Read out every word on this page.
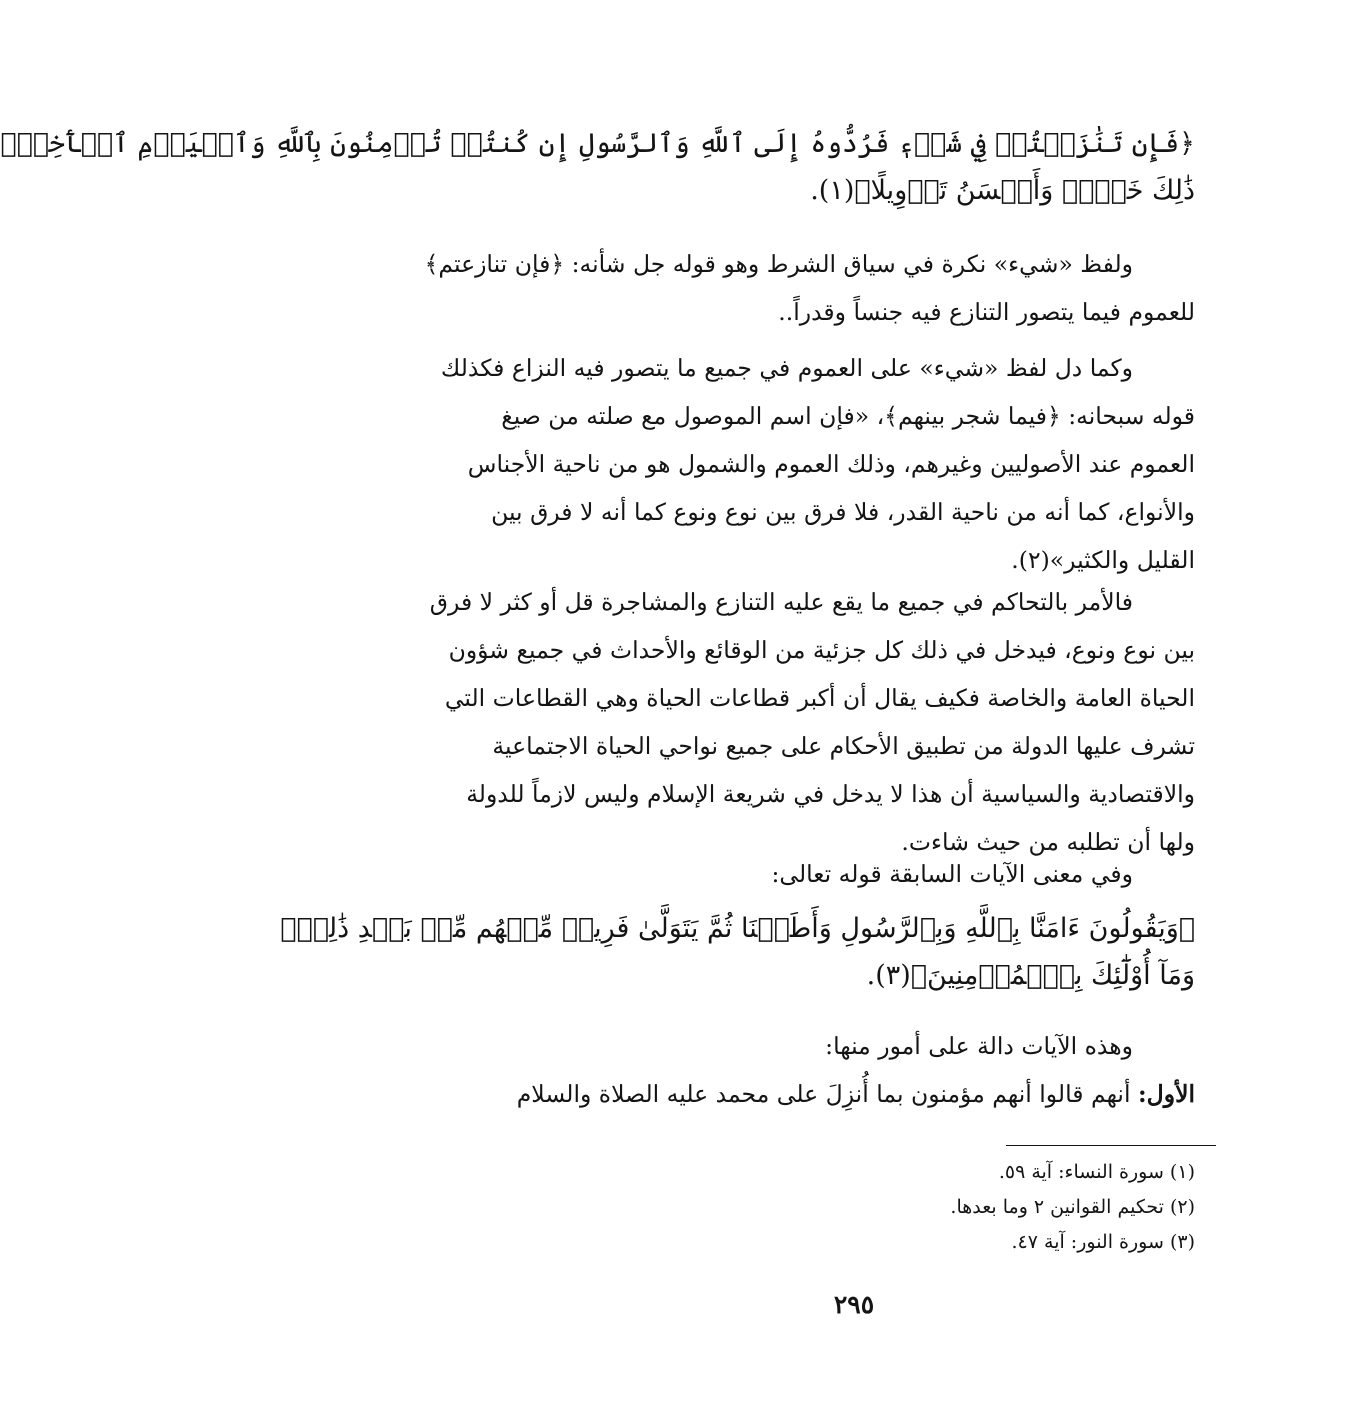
﴿فَإِن تَنَٰزَعۡتُمۡ فِي شَيۡءٖ فَرُدُّوهُ إِلَى ٱللَّهِ وَٱلرَّسُولِ إِن كُنتُمۡ تُؤۡمِنُونَ بِٱللَّهِ وَٱلۡيَوۡمِ ٱلۡأٓخِرِۚ
ذَٰلِكَ خَيۡرٞ وَأَحۡسَنُ تَأۡوِيلًا﴾(١).
ولفظ «شيء» نكرة في سياق الشرط وهو قوله جل شأنه: ﴿فإن تنازعتم﴾
للعموم فيما يتصور التنازع فيه جنساً وقدراً..
وكما دل لفظ «شيء» على العموم في جميع ما يتصور فيه النزاع فكذلك
قوله سبحانه: ﴿فيما شجر بينهم﴾، «فإن اسم الموصول مع صلته من صيغ
العموم عند الأصوليين وغيرهم، وذلك العموم والشمول هو من ناحية الأجناس
والأنواع، كما أنه من ناحية القدر، فلا فرق بين نوع ونوع كما أنه لا فرق بين
القليل والكثير»(٢).
فالأمر بالتحاكم في جميع ما يقع عليه التنازع والمشاجرة قل أو كثر لا فرق
بين نوع ونوع، فيدخل في ذلك كل جزئية من الوقائع والأحداث في جميع شؤون
الحياة العامة والخاصة فكيف يقال أن أكبر قطاعات الحياة وهي القطاعات التي
تشرف عليها الدولة من تطبيق الأحكام على جميع نواحي الحياة الاجتماعية
والاقتصادية والسياسية أن هذا لا يدخل في شريعة الإسلام وليس لازماً للدولة
ولها أن تطلبه من حيث شاءت.
وفي معنى الآيات السابقة قوله تعالى:
﴿وَيَقُولُونَ ءَامَنَّا بِٱللَّهِ وَبِٱلرَّسُولِ وَأَطَعۡنَا ثُمَّ يَتَوَلَّىٰ فَرِيقٞ مِّنۡهُم مِّنۢ بَعۡدِ ذَٰلِكَۚ
وَمَآ أُوْلَٰٓئِكَ بِٱلۡمُؤۡمِنِينَ﴾(٣).
وهذه الآيات دالة على أمور منها:
الأول: أنهم قالوا أنهم مؤمنون بما أُنزِلَ على محمد عليه الصلاة والسلام
(١) سورة النساء: آية ٥٩.
(٢) تحكيم القوانين ٢ وما بعدها.
(٣) سورة النور: آية ٤٧.
٢٩٥
